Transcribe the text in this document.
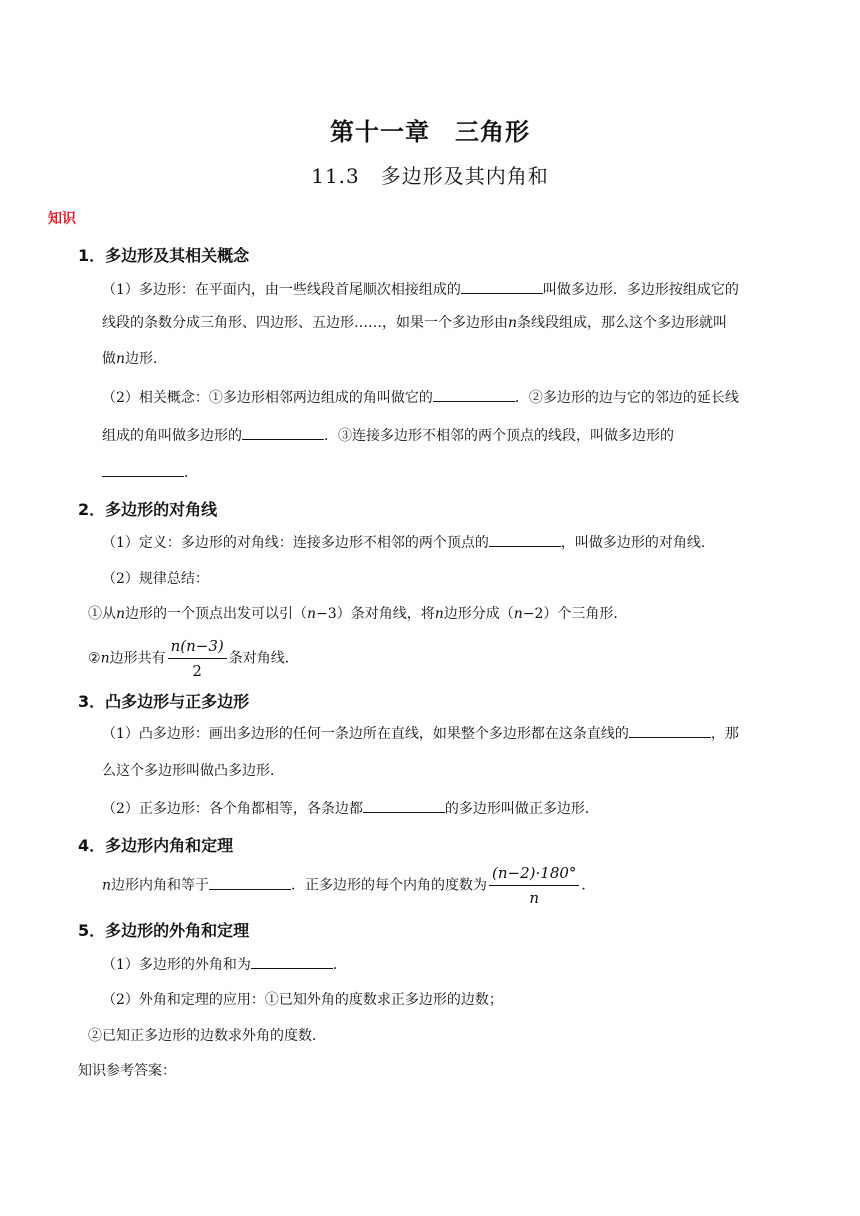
第十一章　三角形
11.3　多边形及其内角和
知识
1．多边形及其相关概念
（1）多边形：在平面内，由一些线段首尾顺次相接组成的	叫做多边形．多边形按组成它的
线段的条数分成三角形、四边形、五边形……，如果一个多边形由n条线段组成，那么这个多边形就叫
做n边形．
（2）相关概念：①多边形相邻两边组成的角叫做它的	．②多边形的边与它的邻边的延长线
组成的角叫做多边形的	．③连接多边形不相邻的两个顶点的线段，叫做多边形的
．
2．多边形的对角线
（1）定义：多边形的对角线：连接多边形不相邻的两个顶点的	，叫做多边形的对角线．
（2）规律总结：
①从n边形的一个顶点出发可以引（n−3）条对角线，将n边形分成（n−2）个三角形．
②n边形共有 $\frac{n(n-3)}{2}$ 条对角线．
3．凸多边形与正多边形
（1）凸多边形：画出多边形的任何一条边所在直线，如果整个多边形都在这条直线的	，那
么这个多边形叫做凸多边形．
（2）正多边形：各个角都相等，各条边都	的多边形叫做正多边形．
4．多边形内角和定理
n边形内角和等于	．正多边形的每个内角的度数为 $\frac{(n-2)\cdot 180^\circ}{n}$ ．
5．多边形的外角和定理
（1）多边形的外角和为	．
（2）外角和定理的应用：①已知外角的度数求正多边形的边数；
②已知正多边形的边数求外角的度数．
知识参考答案：
